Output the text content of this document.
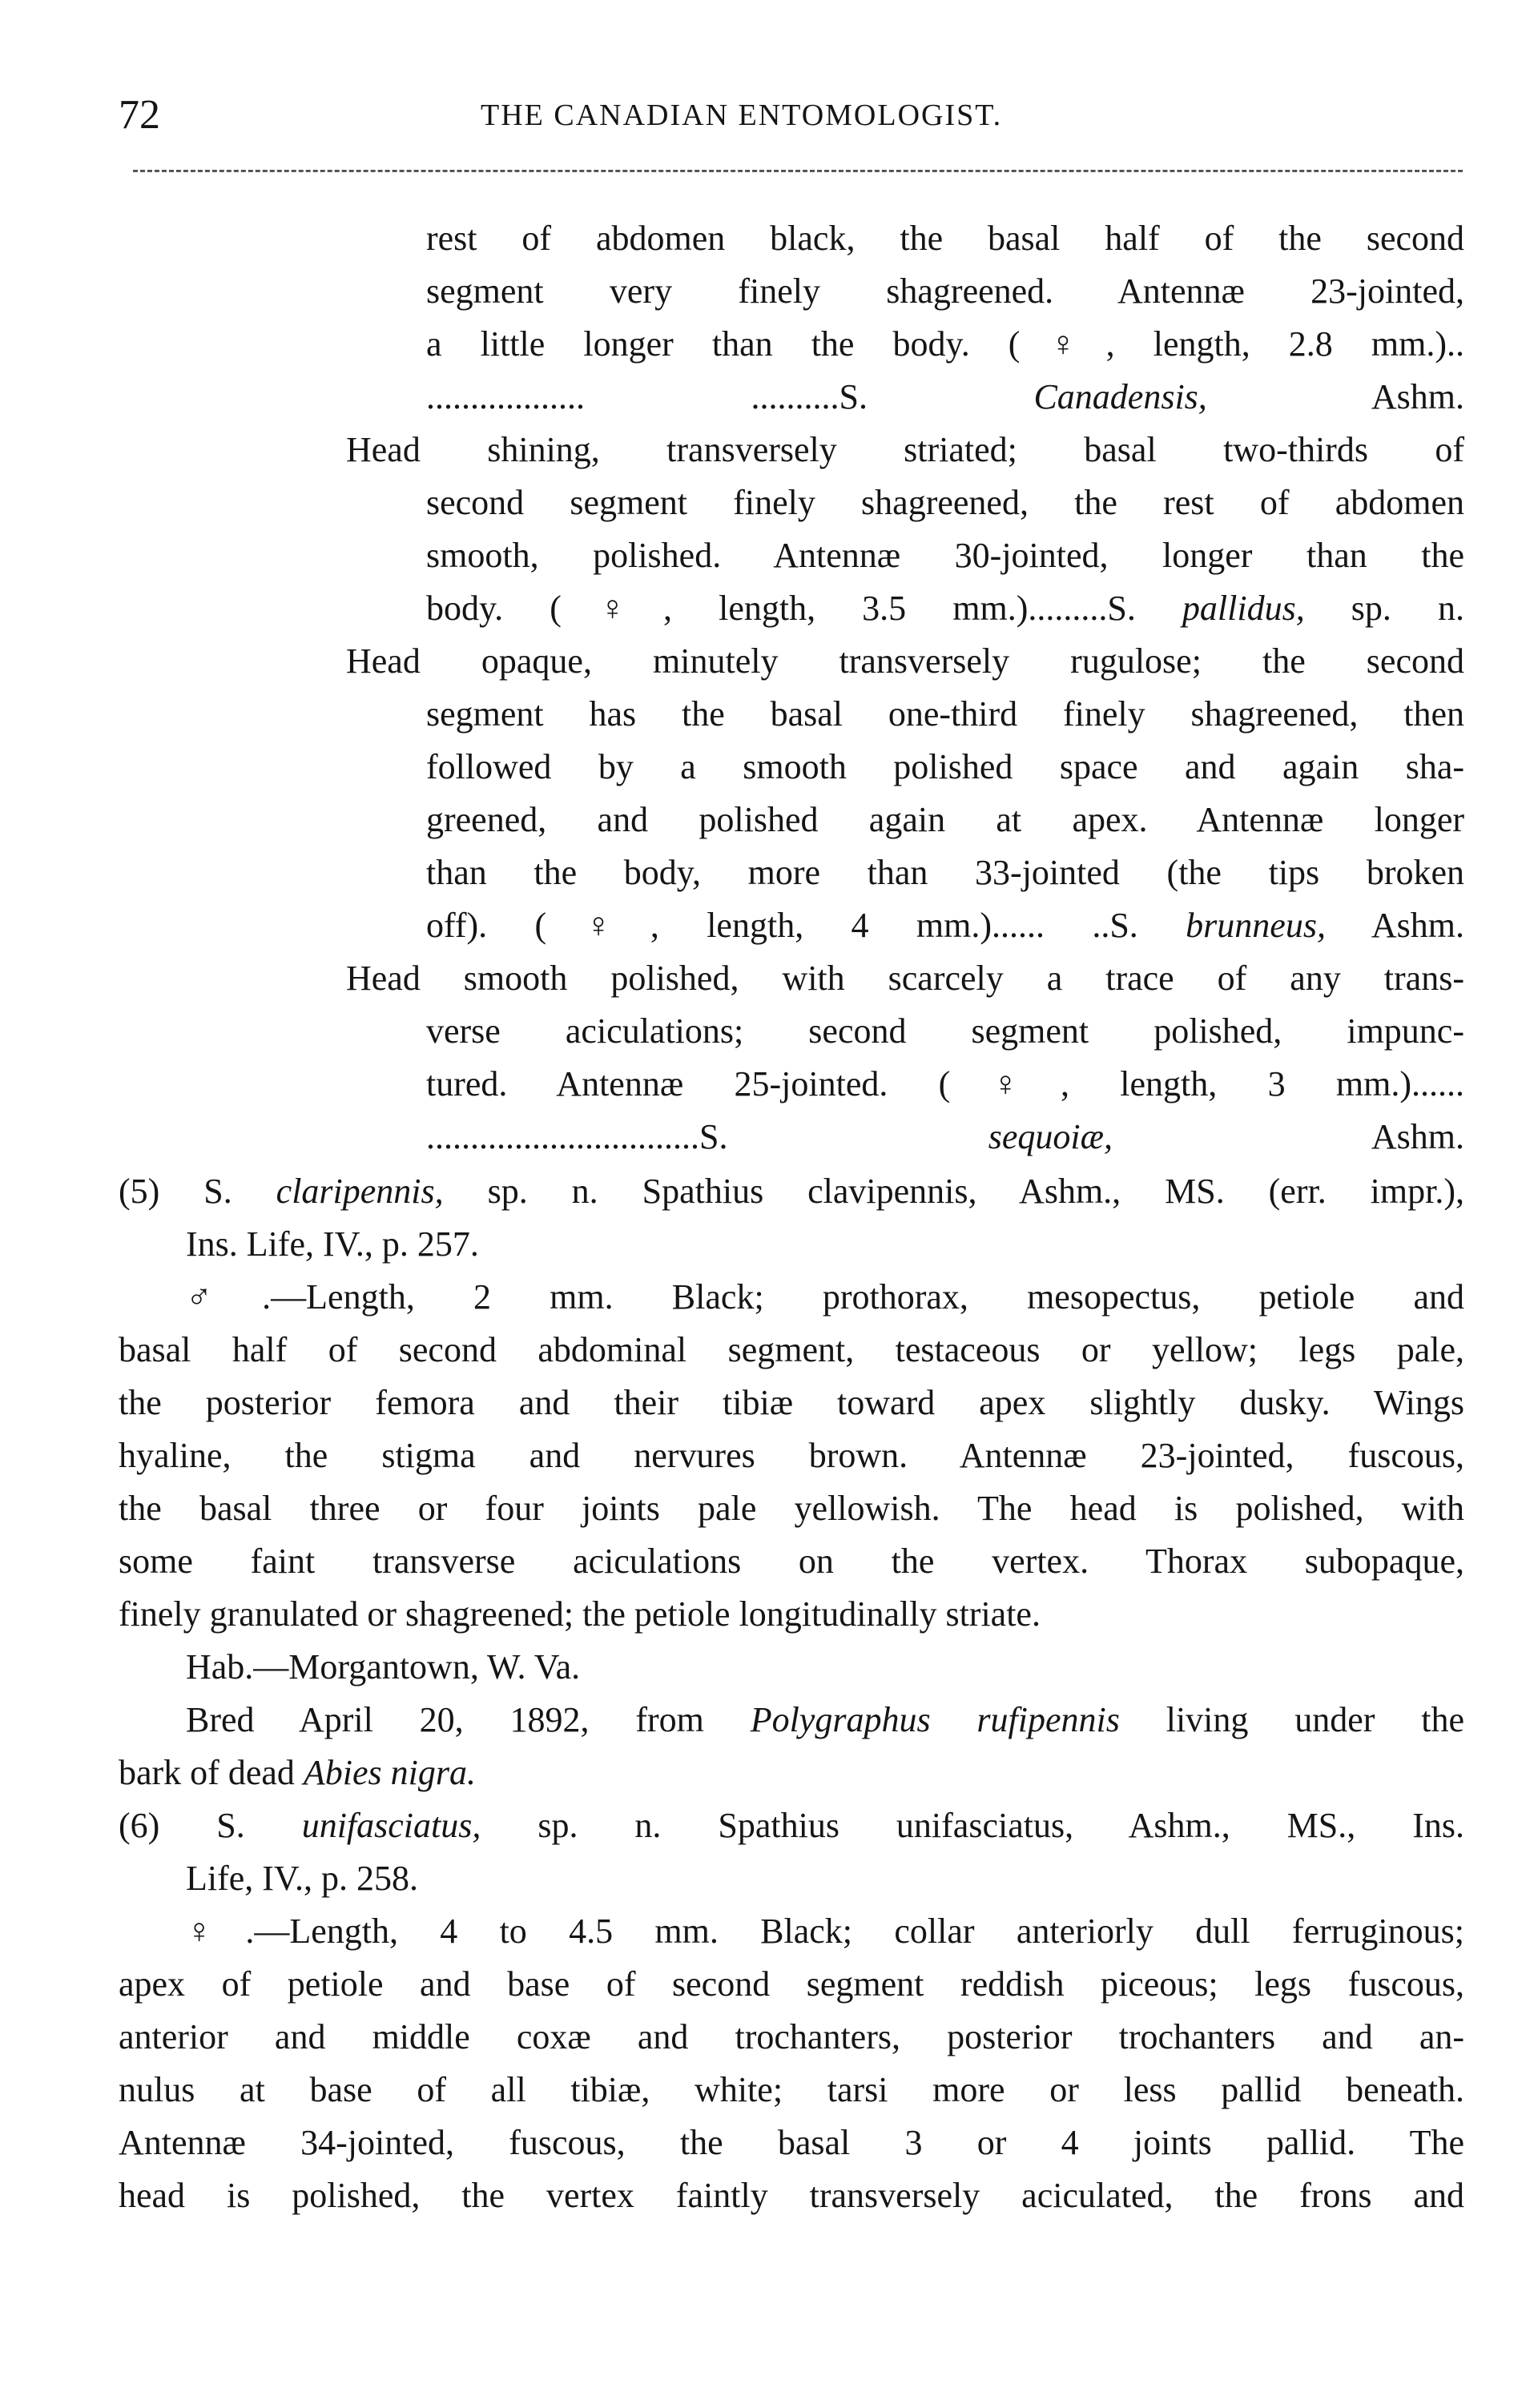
72	THE CANADIAN ENTOMOLOGIST.
rest of abdomen black, the basal half of the second
segment very finely shagreened. Antennæ 23-jointed,
a little longer than the body. (♀, length, 2.8 mm.)..
.................. ..........S. Canadensis, Ashm.
Head shining, transversely striated; basal two-thirds of
second segment finely shagreened, the rest of abdomen
smooth, polished. Antennæ 30-jointed, longer than the
body. (♀, length, 3.5 mm.).........S. pallidus, sp. n.
Head opaque, minutely transversely rugulose; the second
segment has the basal one-third finely shagreened, then
followed by a smooth polished space and again sha-
greened, and polished again at apex. Antennæ longer
than the body, more than 33-jointed (the tips broken
off). (♀, length, 4 mm.)...... ..S. brunneus, Ashm.
Head smooth polished, with scarcely a trace of any trans-
verse aciculations; second segment polished, impunc-
tured. Antennæ 25-jointed. (♀, length, 3 mm.)......
...............................S. sequoiæ, Ashm.
(5) S. claripennis, sp. n. Spathius clavipennis, Ashm., MS. (err. impr.),
Ins. Life, IV., p. 257.
♂.—Length, 2 mm. Black; prothorax, mesopectus, petiole and
basal half of second abdominal segment, testaceous or yellow; legs pale,
the posterior femora and their tibiæ toward apex slightly dusky. Wings
hyaline, the stigma and nervures brown. Antennæ 23-jointed, fuscous,
the basal three or four joints pale yellowish. The head is polished, with
some faint transverse aciculations on the vertex. Thorax subopaque,
finely granulated or shagreened; the petiole longitudinally striate.
Hab.—Morgantown, W. Va.
Bred April 20, 1892, from Polygraphus rufipennis living under the
bark of dead Abies nigra.
(6) S. unifasciatus, sp. n. Spathius unifasciatus, Ashm., MS., Ins.
Life, IV., p. 258.
♀.—Length, 4 to 4.5 mm. Black; collar anteriorly dull ferruginous;
apex of petiole and base of second segment reddish piceous; legs fuscous,
anterior and middle coxæ and trochanters, posterior trochanters and an-
nulus at base of all tibiæ, white; tarsi more or less pallid beneath.
Antennæ 34-jointed, fuscous, the basal 3 or 4 joints pallid. The
head is polished, the vertex faintly transversely aciculated, the frons and
